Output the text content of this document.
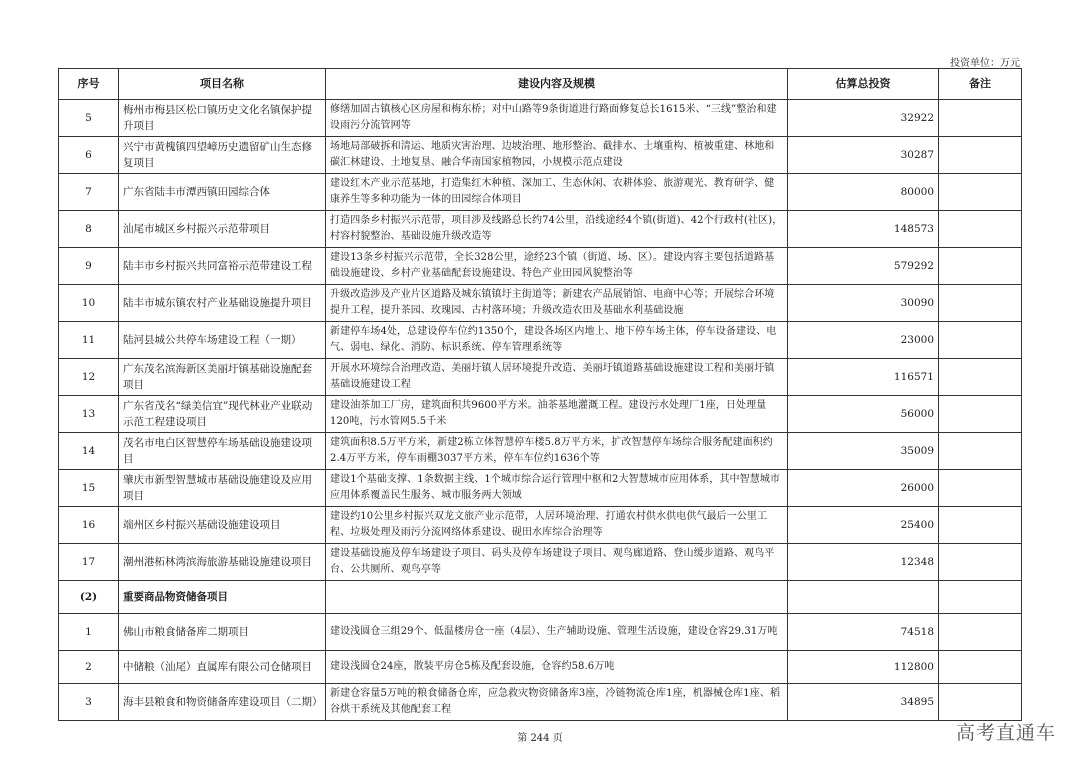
投资单位：万元
序号	项目名称	建设内容及规模	估算总投资	备注
5	梅州市梅县区松口镇历史文化名镇保护提升项目	修缮加固古镇核心区房屋和梅东桥；对中山路等9条街道进行路面修复总长1615米、“三线”整治和建设雨污分流管网等	32922	
6	兴宁市黄槐镇四望嶂历史遗留矿山生态修复项目	场地局部破拆和清运、地质灾害治理、边坡治理、地形整治、截排水、土壤重构、植被重建、林地和碳汇林建设、土地复垦、融合华南国家植物园，小规模示范点建设	30287	
7	广东省陆丰市潭西镇田园综合体	建设红木产业示范基地，打造集红木种植、深加工、生态休闲、农耕体验、旅游观光、教育研学、健康养生等多种功能为一体的田园综合体项目	80000	
8	汕尾市城区乡村振兴示范带项目	打造四条乡村振兴示范带，项目涉及线路总长约74公里，沿线途经4个镇(街道)、42个行政村(社区)，村容村貌整治、基础设施升级改造等	148573	
9	陆丰市乡村振兴共同富裕示范带建设工程	建设13条乡村振兴示范带，全长328公里，途经23个镇（街道、场、区）。建设内容主要包括道路基础设施建设、乡村产业基础配套设施建设、特色产业田园风貌整治等	579292	
10	陆丰市城东镇农村产业基础设施提升项目	升级改造涉及产业片区道路及城东镇镇圩主街道等；新建农产品展销馆、电商中心等；开展综合环境提升工程，提升茶园、玫瑰园、古村落环境；升级改造农田及基础水利基础设施	30090	
11	陆河县城公共停车场建设工程（一期）	新建停车场4处，总建设停车位约1350个，建设各场区内地上、地下停车场主体，停车设备建设、电气、弱电、绿化、消防、标识系统、停车管理系统等	23000	
12	广东茂名滨海新区美丽圩镇基础设施配套项目	开展水环境综合治理改造、美丽圩镇人居环境提升改造、美丽圩镇道路基础设施建设工程和美丽圩镇基础设施建设工程	116571	
13	广东省茂名“绿美信宜”现代林业产业联动示范工程建设项目	建设油茶加工厂房，建筑面积共9600平方米。油茶基地灌溉工程。建设污水处理厂1座，日处理量120吨，污水管网5.5千米	56000	
14	茂名市电白区智慧停车场基础设施建设项目	建筑面积8.5万平方米，新建2栋立体智慧停车楼5.8万平方米，扩改智慧停车场综合服务配建面积约2.4万平方米，停车雨棚3037平方米，停车车位约1636个等	35009	
15	肇庆市新型智慧城市基础设施建设及应用项目	建设1个基础支撑、1条数据主线、1个城市综合运行管理中枢和2大智慧城市应用体系，其中智慧城市应用体系覆盖民生服务、城市服务两大领域	26000	
16	端州区乡村振兴基础设施建设项目	建设约10公里乡村振兴双龙文旅产业示范带，人居环境治理、打通农村供水供电供气最后一公里工程、垃圾处理及雨污分流网络体系建设、砚田水库综合治理等	25400	
17	潮州港柘林湾滨海旅游基础设施建设项目	建设基础设施及停车场建设子项目、码头及停车场建设子项目、观鸟廊道路、登山缓步道路、观鸟平台、公共厕所、观鸟亭等	12348	
(2)	重要商品物资储备项目			
1	佛山市粮食储备库二期项目	建设浅圆仓三组29个、低温楼房仓一座（4层）、生产辅助设施、管理生活设施，建设仓容29.31万吨	74518	
2	中储粮（汕尾）直属库有限公司仓储项目	建设浅圆仓24座，散装平房仓5栋及配套设施，仓容约58.6万吨	112800	
3	海丰县粮食和物资储备库建设项目（二期）	新建仓容量5万吨的粮食储备仓库，应急救灾物资储备库3座，冷链物流仓库1座，机器械仓库1座、稻谷烘干系统及其他配套工程	34895	
第 244 页	高考直通车
